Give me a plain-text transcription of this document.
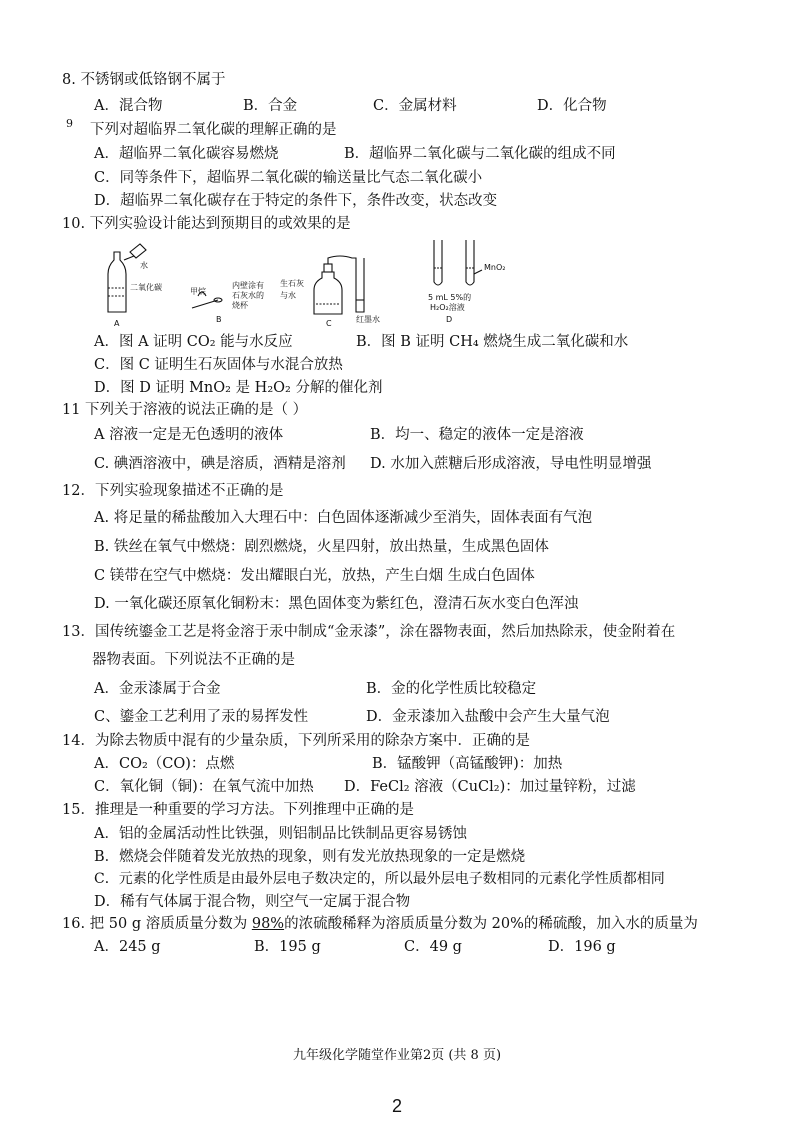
8. 不锈钢或低铬钢不属于
A．混合物	B．合金	C．金属材料	D．化合物
9 下列对超临界二氧化碳的理解正确的是
A．超临界二氧化碳容易燃烧	B．超临界二氧化碳与二氧化碳的组成不同
C．同等条件下，超临界二氧化碳的输送量比气态二氧化碳小
D．超临界二氧化碳存在于特定的条件下，条件改变，状态改变
10. 下列实验设计能达到预期目的或效果的是
水
二氧化碳
A
甲烷
B
内壁涂有
石灰水的
烧杯
生石灰
与水
C	红墨水
MnO₂
5 mL 5%的
H₂O₂溶液
D
A．图 A 证明 CO₂ 能与水反应	B．图 B 证明 CH₄ 燃烧生成二氧化碳和水
C．图 C 证明生石灰固体与水混合放热
D．图 D 证明 MnO₂ 是 H₂O₂ 分解的催化剂
11 下列关于溶液的说法正确的是（ ）
A 溶液一定是无色透明的液体	B．均一、稳定的液体一定是溶液
C. 碘酒溶液中，碘是溶质，酒精是溶剂 D. 水加入蔗糖后形成溶液，导电性明显增强
12．下列实验现象描述不正确的是
A. 将足量的稀盐酸加入大理石中：白色固体逐渐减少至消失，固体表面有气泡
B. 铁丝在氧气中燃烧：剧烈燃烧，火星四射，放出热量，生成黑色固体
C 镁带在空气中燃烧：发出耀眼白光，放热，产生白烟 生成白色固体
D. 一氧化碳还原氧化铜粉末：黑色固体变为紫红色，澄清石灰水变白色浑浊
13．国传统鎏金工艺是将金溶于汞中制成“金汞漆”，涂在器物表面，然后加热除汞，使金附着在
器物表面。下列说法不正确的是
A．金汞漆属于合金	B．金的化学性质比较稳定
C、鎏金工艺利用了汞的易挥发性	D．金汞漆加入盐酸中会产生大量气泡
14．为除去物质中混有的少量杂质，下列所采用的除杂方案中．正确的是
A．CO₂（CO)：点燃	B．锰酸钾（高锰酸钾)：加热
C．氧化铜（铜)：在氧气流中加热 D．FeCl₂ 溶液（CuCl₂)：加过量锌粉，过滤
15．推理是一种重要的学习方法。下列推理中正确的是
A．铝的金属活动性比铁强，则铝制品比铁制品更容易锈蚀
B．燃烧会伴随着发光放热的现象，则有发光放热现象的一定是燃烧
C．元素的化学性质是由最外层电子数决定的，所以最外层电子数相同的元素化学性质都相同
D．稀有气体属于混合物，则空气一定属于混合物
16. 把 50 g 溶质质量分数为 98%的浓硫酸稀释为溶质质量分数为 20%的稀硫酸，加入水的质量为
A．245 g	B．195 g	C．49 g	D．196 g
九年级化学随堂作业第2页 (共 8 页)
2
